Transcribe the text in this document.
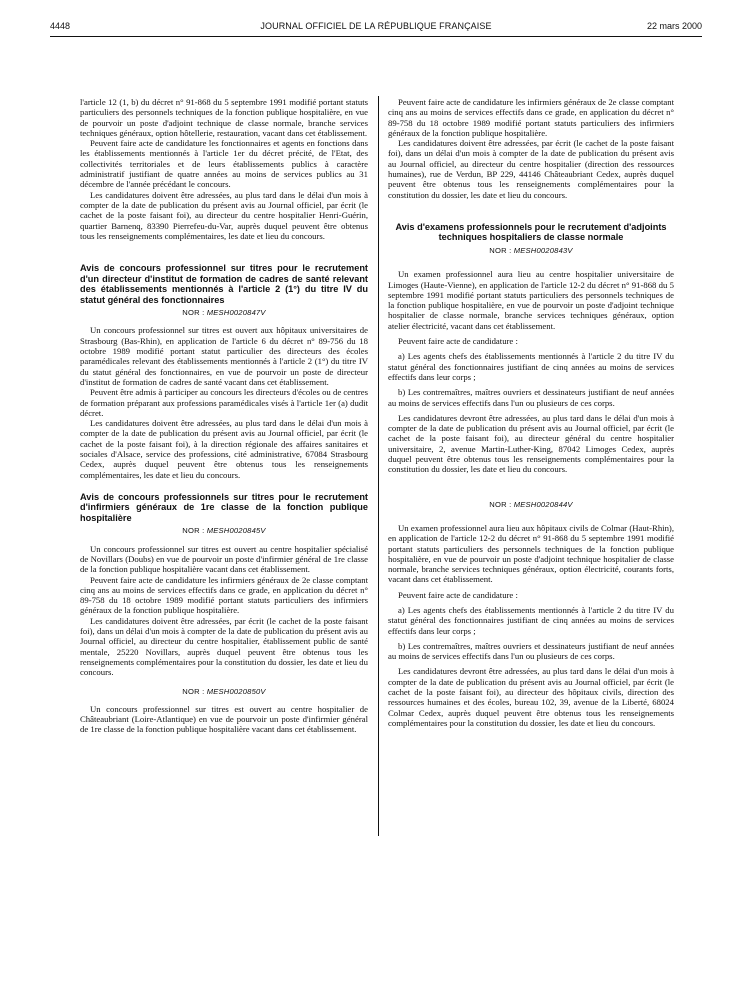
4448	JOURNAL OFFICIEL DE LA RÉPUBLIQUE FRANÇAISE	22 mars 2000

l'article 12 (1, b) du décret n° 91-868 du 5 septembre 1991 modifié portant statuts particuliers des personnels techniques de la fonction publique hospitalière, en vue de pourvoir un poste d'adjoint technique de classe normale, branche services techniques généraux, option hôtellerie, restauration, vacant dans cet établissement.

Peuvent faire acte de candidature les fonctionnaires et agents en fonctions dans les établissements mentionnés à l'article 1er du décret précité, de l'Etat, des collectivités territoriales et de leurs établissements publics à caractère administratif justifiant de quatre années au moins de services publics au 31 décembre de l'année précédant le concours.

Les candidatures doivent être adressées, au plus tard dans le délai d'un mois à compter de la date de publication du présent avis au Journal officiel, par écrit (le cachet de la poste faisant foi), au directeur du centre hospitalier Henri-Guérin, quartier Barnenq, 83390 Pierrefeu-du-Var, auprès duquel peuvent être obtenus tous les renseignements complémentaires, les date et lieu du concours.

Avis de concours professionnel sur titres pour le recrutement d'un directeur d'institut de formation de cadres de santé relevant des établissements mentionnés à l'article 2 (1°) du titre IV du statut général des fonctionnaires
NOR : MESH0020847V

Un concours professionnel sur titres est ouvert aux hôpitaux universitaires de Strasbourg (Bas-Rhin), en application de l'article 6 du décret n° 89-756 du 18 octobre 1989 modifié portant statut particulier des directeurs des écoles paramédicales relevant des établissements mentionnés à l'article 2 (1°) du titre IV du statut général des fonctionnaires, en vue de pourvoir un poste de directeur d'institut de formation de cadres de santé vacant dans cet établissement.

Peuvent être admis à participer au concours les directeurs d'écoles ou de centres de formation préparant aux professions paramédicales visés à l'article 1er (a) dudit décret.

Les candidatures doivent être adressées, au plus tard dans le délai d'un mois à compter de la date de publication du présent avis au Journal officiel, par écrit (le cachet de la poste faisant foi), à la direction régionale des affaires sanitaires et sociales d'Alsace, service des professions, cité administrative, 67084 Strasbourg Cedex, auprès duquel peuvent être obtenus tous les renseignements complémentaires, les date et lieu du concours.

Avis de concours professionnels sur titres pour le recrutement d'infirmiers généraux de 1re classe de la fonction publique hospitalière
NOR : MESH0020845V

Un concours professionnel sur titres est ouvert au centre hospitalier spécialisé de Novillars (Doubs) en vue de pourvoir un poste d'infirmier général de 1re classe de la fonction publique hospitalière vacant dans cet établissement.

Peuvent faire acte de candidature les infirmiers généraux de 2e classe comptant cinq ans au moins de services effectifs dans ce grade, en application du décret n° 89-758 du 18 octobre 1989 modifié portant statuts particuliers des infirmiers généraux de la fonction publique hospitalière.

Les candidatures doivent être adressées, par écrit (le cachet de la poste faisant foi), dans un délai d'un mois à compter de la date de publication du présent avis au Journal officiel, au directeur du centre hospitalier, établissement public de santé mentale, 25220 Novillars, auprès duquel peuvent être obtenus tous les renseignements complémentaires pour la constitution du dossier, les date et lieu du concours.

NOR : MESH0020850V

Un concours professionnel sur titres est ouvert au centre hospitalier de Châteaubriant (Loire-Atlantique) en vue de pourvoir un poste d'infirmier général de 1re classe de la fonction publique hospitalière vacant dans cet établissement.

Peuvent faire acte de candidature les infirmiers généraux de 2e classe comptant cinq ans au moins de services effectifs dans ce grade, en application du décret n° 89-758 du 18 octobre 1989 modifié portant statuts particuliers des infirmiers généraux de la fonction publique hospitalière.

Les candidatures doivent être adressées, par écrit (le cachet de la poste faisant foi), dans un délai d'un mois à compter de la date de publication du présent avis au Journal officiel, au directeur du centre hospitalier (direction des ressources humaines), rue de Verdun, BP 229, 44146 Châteaubriant Cedex, auprès duquel peuvent être obtenus tous les renseignements complémentaires pour la constitution du dossier, les date et lieu du concours.

Avis d'examens professionnels pour le recrutement d'adjoints techniques hospitaliers de classe normale
NOR : MESH0020843V

Un examen professionnel aura lieu au centre hospitalier universitaire de Limoges (Haute-Vienne), en application de l'article 12-2 du décret n° 91-868 du 5 septembre 1991 modifié portant statuts particuliers des personnels techniques de la fonction publique hospitalière, en vue de pourvoir un poste d'adjoint technique hospitalier de classe normale, branche services techniques généraux, option atelier électricité, vacant dans cet établissement.

Peuvent faire acte de candidature :

a) Les agents chefs des établissements mentionnés à l'article 2 du titre IV du statut général des fonctionnaires justifiant de cinq années au moins de services effectifs dans leur corps ;

b) Les contremaîtres, maîtres ouvriers et dessinateurs justifiant de neuf années au moins de services effectifs dans l'un ou plusieurs de ces corps.

Les candidatures devront être adressées, au plus tard dans le délai d'un mois à compter de la date de publication du présent avis au Journal officiel, par écrit (le cachet de la poste faisant foi), au directeur général du centre hospitalier universitaire, 2, avenue Martin-Luther-King, 87042 Limoges Cedex, auprès duquel peuvent être obtenus tous les renseignements complémentaires pour la constitution du dossier, les date et lieu du concours.

NOR : MESH0020844V

Un examen professionnel aura lieu aux hôpitaux civils de Colmar (Haut-Rhin), en application de l'article 12-2 du décret n° 91-868 du 5 septembre 1991 modifié portant statuts particuliers des personnels techniques de la fonction publique hospitalière, en vue de pourvoir un poste d'adjoint technique hospitalier de classe normale, branche services techniques généraux, option électricité, courants forts, vacant dans cet établissement.

Peuvent faire acte de candidature :

a) Les agents chefs des établissements mentionnés à l'article 2 du titre IV du statut général des fonctionnaires justifiant de cinq années au moins de services effectifs dans leur corps ;

b) Les contremaîtres, maîtres ouvriers et dessinateurs justifiant de neuf années au moins de services effectifs dans l'un ou plusieurs de ces corps.

Les candidatures devront être adressées, au plus tard dans le délai d'un mois à compter de la date de publication du présent avis au Journal officiel, par écrit (le cachet de la poste faisant foi), au directeur des hôpitaux civils, direction des ressources humaines et des écoles, bureau 102, 39, avenue de la Liberté, 68024 Colmar Cedex, auprès duquel peuvent être obtenus tous les renseignements complémentaires pour la constitution du dossier, les date et lieu du concours.
